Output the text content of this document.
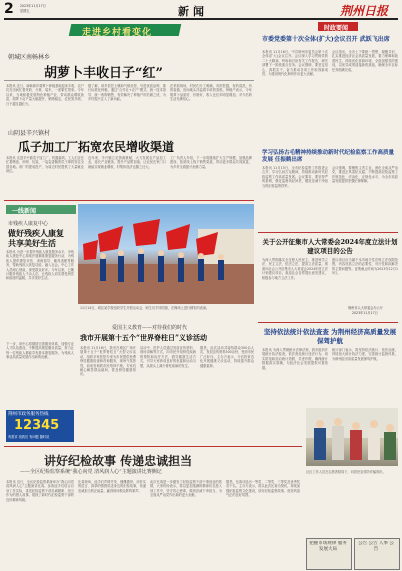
2 2023年11月17日
星期五	新闻	荆州日报
走进乡村看变化
朝城区南畅林乡
胡萝卜丰收日子“红”
本报讯 近日，南畅林乡胡萝卜种植基地迎来丰收，农户们在田间忙着采收、分拣、装车，一派繁忙景象。今年以来，当地积极发展特色种植产业，带动群众增收致富，胡萝卜亩产量大幅提升，销路稳定，农民笑开颜，日子越过越红火。
据了解，该乡依托土壤和气候优势，引进优质品种，推行标准化种植，通过“合作社+农户”模式，统一技术指导、统一收购销售，有效解决了种植户的后顾之忧，为乡村振兴注入了新动能。
在采收现场，村民们分工明确，有的挖掘，有的清洗，有的装箱，田间地头洋溢着丰收的喜悦。种植户表示，今年胡萝卜品质好、价格好，收入比往年明显增加，对今后的生活充满信心。
山阴县辛兴镇村
瓜子加工厂拓宽农民增收渠道
本报讯 走进辛兴镇瓜子加工厂，机器轰鸣，工人们正在忙着筛选、炒制、包装，一袋袋香脆的瓜子即将发往全国各地。该厂的建成投产，为周边村民提供了大量就业岗位。
近年来，辛兴镇立足资源禀赋，大力发展农产品加工业，延长产业链条，提升产品附加值，让农民在家门口就能实现就业增收，村集体经济也随之壮大。
工厂负责人介绍，下一步将继续扩大生产规模，加强品牌建设，拓宽线上线下销售渠道，带动更多群众共同致富，为乡村全面振兴贡献力量。
一线新闻
市残疾人康复中心
做好残疾人康复 共享美好生活
本报讯 为进一步提升残疾人康复服务水平，市残疾人康复中心持续开展精准康复服务行动，为残疾人提供康复评估、训练指导、辅具适配等服务，帮助残疾人恢复功能、融入社会。中心工作人员耐心细致，深受群众好评。今年以来，已累计服务残疾人千余人次，让残疾人切实感受到党和政府的温暖，共享美好生活。
下一步，该中心将继续完善服务体系，加强专业人才队伍建设，不断提高康复服务质量，努力让每一位残疾人都能享有基本康复服务，为残疾人事业高质量发展作出新的贡献。
荆州市政务服务热线
12345
有需求 找我们 有问题 随时说
11月14日，城区某学校组织学生开展运动会，师生们手持国旗，在操场上进行精彩的表演。
爱国主义教育——对待我们的时代
我市开展第十五个“世界脊柱日”义诊活动
本报讯 11月16日，我市在城区广场开展第十五个“世界脊柱日”大型义诊活动，组织多家医院专家为市民提供免费脊柱健康检查和咨询服务，现场气氛热烈，前来咨询的市民络绎不绝。专家们耐心解答群众疑问，普及脊柱健康知识。
活动中，医护人员通过发放宣传资料、现场讲解等方式，向市民介绍脊柱疾病的预防和治疗方法，倡导健康生活方式，引导大家养成良好的坐姿和运动习惯，从源头上减少脊柱疾病的发生。
据悉，此次活动共接待群众300余人次，发放宣传资料500余份，受到市民广泛好评。主办方表示，今后将常态化开展健康义诊活动，持续提升群众健康素养。
时政要闻
市委党委第十次全体(扩大)会议召开 武跃飞出席
本报讯 11月16日，中共荆州市委员会第十次全体(扩大)会议召开。会议深入学习贯彻党的二十大精神，听取和讨论有关工作报告，研究部署下一阶段重点任务。会议强调，要坚定信心、真抓实干，奋力推动各项工作取得新成效，为建设现代化荆州作出更大贡献。
会议指出，全市上下要统一思想、凝聚共识，扎实推进经济社会高质量发展，着力保障和改善民生，持续优化营商环境，全面加强党的建设，以优异成绩迎接新的挑战，确保全年目标任务圆满完成。
学习弘扬古毛精神持续推动新时代纪检监察工作高质量发展 任振鹤出席
本报讯 11月15日，全市纪检监察工作推进会召开，学习弘扬古毛精神，持续推动新时代纪检监察工作高质量发展。会议要求，要坚持严的基调，强化监督执纪问责，锻造忠诚干净担当的纪检监察铁军。
会议强调，要聚焦主责主业，深化全面从严治党，推进正风肃纪反腐，不断提高纪检监察工作规范化、法治化、正规化水平，为全市高质量发展提供坚强纪律保障。
关于公开征集市人大常委会2024年度立法计划建议项目的公告
为深入贯彻落实全过程人民民主，推进科学立法、民主立法、依法立法，提高立法质量，现面向社会公开征集市人大常委会2024年度立法计划建议项目。欢迎社会各界提出意见建议，积极参与地方立法工作。
建议项目应当属于本市地方性法规立法权限范围，内容包括立法的必要性、可行性和拟解决的主要问题等。征集截止时间为2023年12月15日。
荆州市人大常委会办公厅
2023年11月17日
坚持依法统计依法查查 为荆州经济高质量发展保驾护航
本报讯 为深入贯彻统计法律法规，我市组织开展统计执法检查，依法查处统计违法行为，切实防范和惩治统计造假、弄虚作假，确保统计数据真实准确，为经济社会发展提供可靠依据。
统计部门表示，将坚持依法统计、依法治统，持续加大统计执法力度，完善统计监督体系，为荆州经济高质量发展保驾护航。
社区工作人员在志愿者陪同下，向居民宣传防诈骗知识。
讲好纪检故事 传递忠诚担当
——全区纪检监察系统“我心向党 清风润人心”主题演讲比赛侧记
本报讯 近日，全区纪检监察系统举办“我心向党 清风润人心”主题演讲比赛。参赛选手们结合自身工作实际，讲述纪检监察干部忠诚履职、担当作为的感人故事，展现了新时代纪检监察干部的良好精神风貌。
比赛现场，选手们声情并茂、慷慨激昂，用朴实的语言、真挚的情感讲述身边的纪检故事，传递忠诚担当的正能量，赢得现场观众阵阵掌声。
此次比赛进一步激发了纪检监察干部干事创业的热情，大家纷纷表示，将以更加饱满的精神状态投入到工作中，坚守初心使命，做到忠诚干净担当，为全面从严治党作出新的更大贡献。
据悉，比赛评选出一等奖、二等奖、三等奖及优秀奖若干名。主办方表示，将以此次比赛为契机，持续加强纪检监察文化建设，讲好纪检监察故事，营造风清气正的良好氛围。
把握市场规律 服务发展大局
公告 公告 人事 公告
